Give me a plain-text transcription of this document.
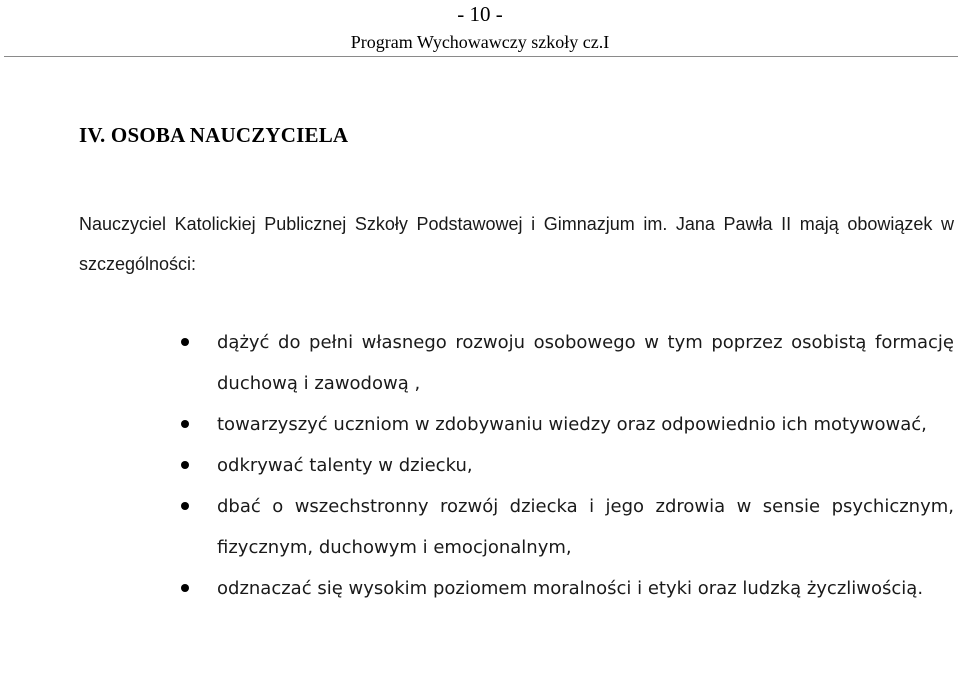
- 10 -
Program Wychowawczy szkoły cz.I
IV. OSOBA NAUCZYCIELA

Nauczyciel Katolickiej Publicznej Szkoły Podstawowej i Gimnazjum im. Jana Pawła II mają obowiązek w szczególności:

dążyć do pełni własnego rozwoju osobowego w tym poprzez osobistą formację duchową i zawodową ,
towarzyszyć uczniom w zdobywaniu wiedzy oraz odpowiednio ich motywować,
odkrywać talenty w dziecku,
dbać o wszechstronny rozwój dziecka i jego zdrowia w sensie psychicznym, fizycznym, duchowym i emocjonalnym,
odznaczać się wysokim poziomem moralności i etyki oraz ludzką życzliwością.
